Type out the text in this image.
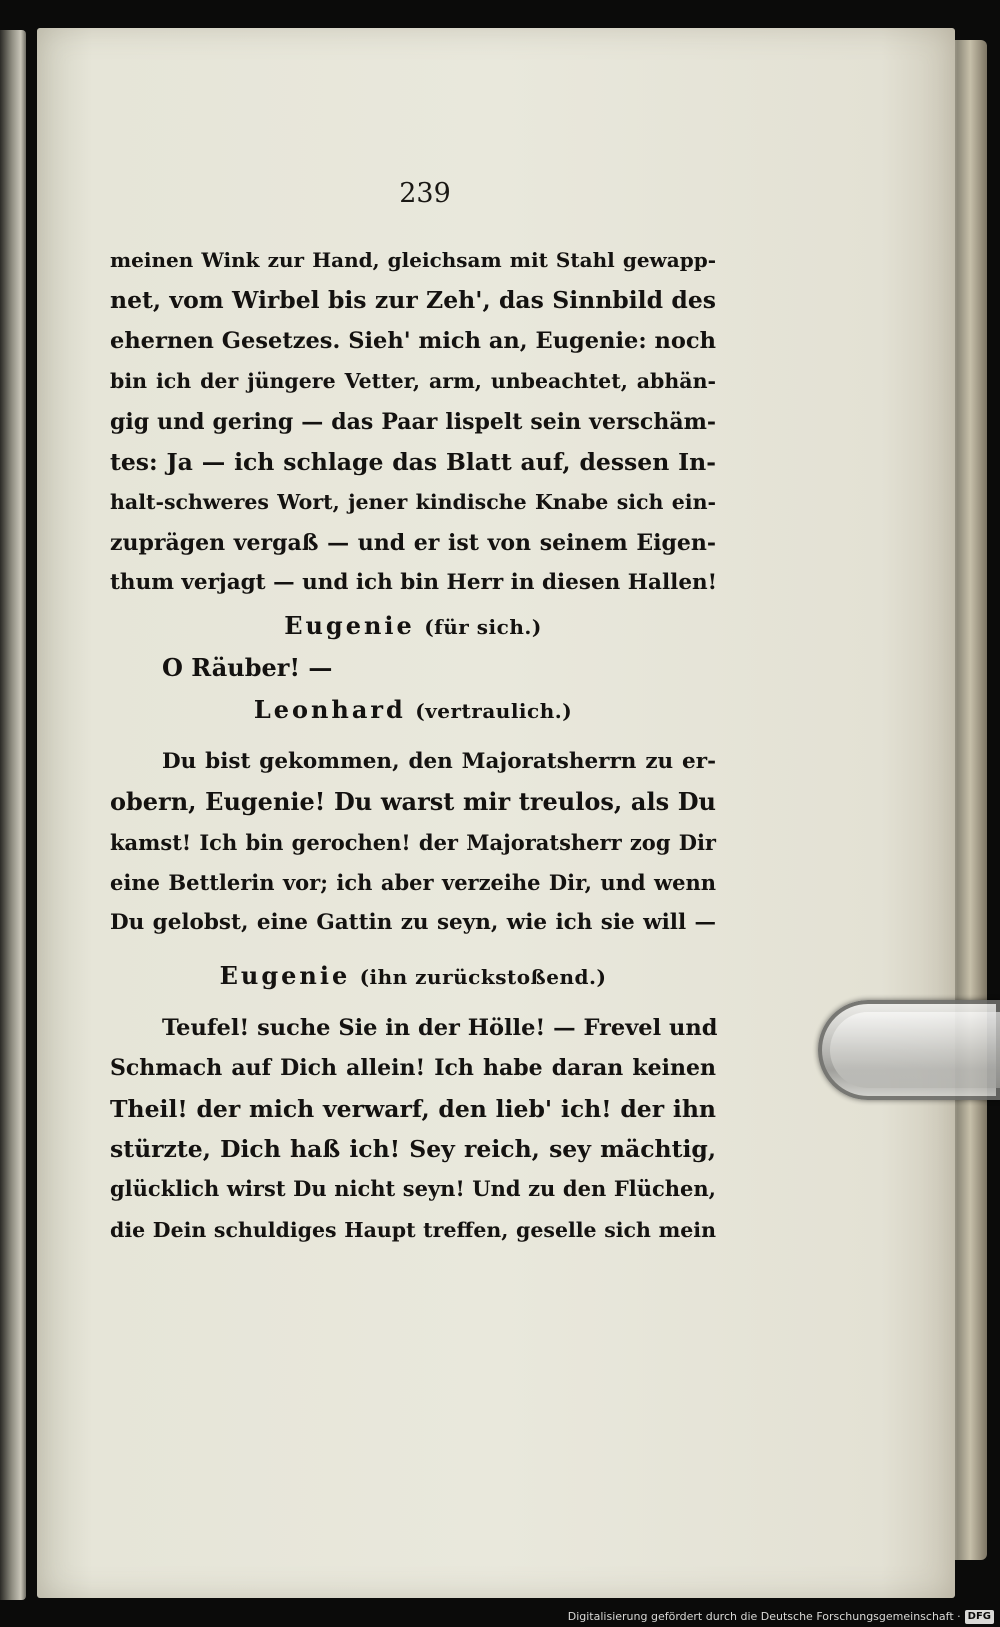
239
meinen Wink zur Hand, gleichsam mit Stahl gewapp-
net, vom Wirbel bis zur Zeh', das Sinnbild des
ehernen Gesetzes. Sieh' mich an, Eugenie: noch
bin ich der jüngere Vetter, arm, unbeachtet, abhän-
gig und gering — das Paar lispelt sein verschäm-
tes: Ja — ich schlage das Blatt auf, dessen In-
halt-schweres Wort, jener kindische Knabe sich ein-
zuprägen vergaß — und er ist von seinem Eigen-
thum verjagt — und ich bin Herr in diesen Hallen!
Eugenie (für sich.)
O Räuber! —
Leonhard (vertraulich.)
Du bist gekommen, den Majoratsherrn zu er-
obern, Eugenie! Du warst mir treulos, als Du
kamst! Ich bin gerochen! der Majoratsherr zog Dir
eine Bettlerin vor; ich aber verzeihe Dir, und wenn
Du gelobst, eine Gattin zu seyn, wie ich sie will —
Eugenie (ihn zurückstoßend.)
Teufel! suche Sie in der Hölle! — Frevel und
Schmach auf Dich allein! Ich habe daran keinen
Theil! der mich verwarf, den lieb' ich! der ihn
stürzte, Dich haß ich! Sey reich, sey mächtig,
glücklich wirst Du nicht seyn! Und zu den Flüchen,
die Dein schuldiges Haupt treffen, geselle sich mein
Digitalisierung gefördert durch die Deutsche Forschungsgemeinschaft · DFG
